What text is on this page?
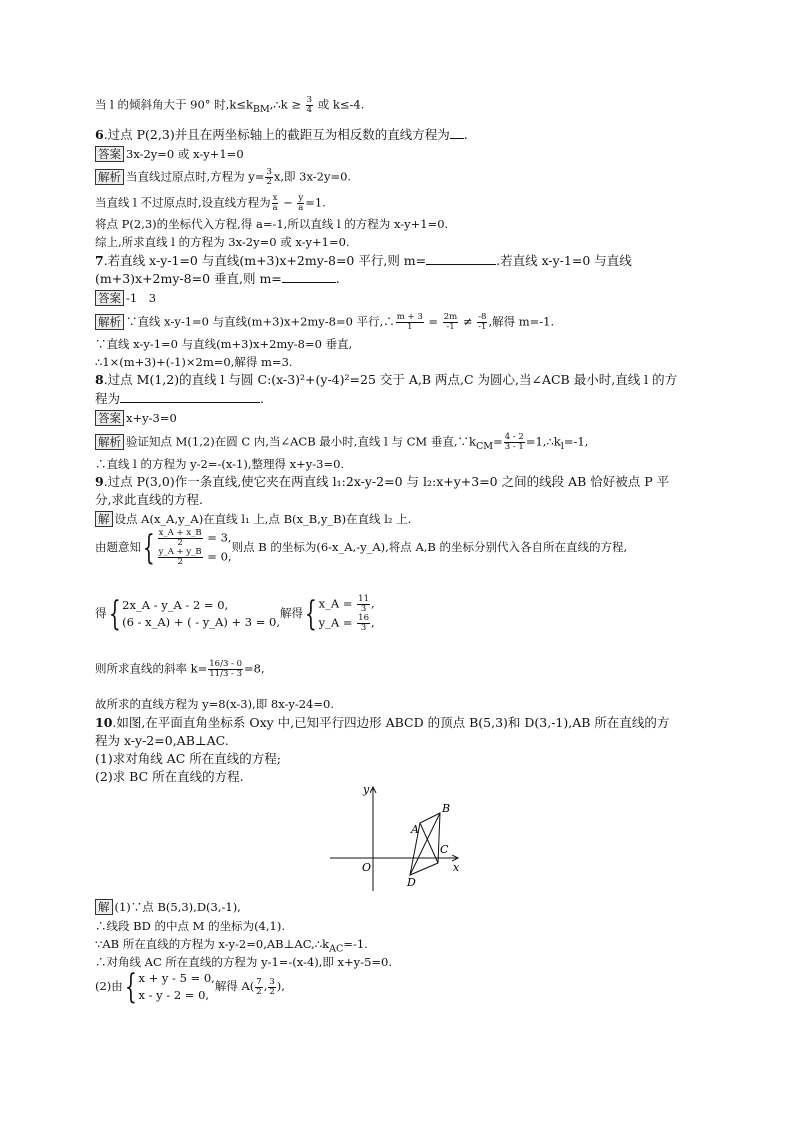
当 l 的倾斜角大于 90° 时$,k\le k_{BM},\therefore k \ge \frac{3}{4}$ 或 k≤-4.
6.过点 P(2,3)并且在两坐标轴上的截距互为相反数的直线方程为 .
答案 3x-2y=0 或 x-y+1=0
解析 当直线过原点时,方程为 $y= \frac{3}{2} x$,即 3x-2y=0.
当直线 l 不过原点时,设直线方程为 $\frac{x}{a} - \frac{y}{a} =1$.
将点 P(2,3)的坐标代入方程,得 a=-1,所以直线 l 的方程为 x-y+1=0.
综上,所求直线 l 的方程为 3x-2y=0 或 x-y+1=0.
7.若直线 x-y-1=0 与直线(m+3)x+2my-8=0 平行,则 m=	.若直线 x-y-1=0 与直线
(m+3)x+2my-8=0 垂直,则 m=	.
答案 -1　3
解析 ∵直线 x-y-1=0 与直线(m+3)x+2my-8=0 平行,∴ $\frac{m + 3}{1} = \frac{2m}{-1} \ne \frac{-8}{-1}$ ,解得 m=-1.
∵直线 x-y-1=0 与直线(m+3)x+2my-8=0 垂直,
∴1×(m+3)+(-1)×2m=0,解得 m=3.
8.过点 M(1,2)的直线 l 与圆 C:(x-3)²+(y-4)²=25 交于 A,B 两点,C 为圆心,当∠ACB 最小时,直线 l 的方
程为	.
答案 x+y-3=0
解析 验证知点 M(1,2)在圆 C 内,当∠ACB 最小时,直线 l 与 CM 垂直$,\because k_{CM}= \frac{4 - 2}{3 - 1}$ $=1,\therefore k_l=-1$,
∴直线 l 的方程为 y-2=-(x-1),整理得 x+y-3=0.
9.过点 P(3,0)作一条直线,使它夹在两直线 l₁:2x-y-2=0 与 l₂:x+y+3=0 之间的线段 AB 恰好被点 P 平
分,求此直线的方程.
解 设点 A(x_A,y_A)在直线 l₁ 上,点 B(x_B,y_B)在直线 l₂ 上.
由题意知{ $\frac{x\_A + x\_B}{2} = 3$,
$\frac{y\_A + y\_B}{2} = 0$,
则点 B 的坐标为(6-x_A,-y_A),将点 A,B 的坐标分别代入各自所在直线的方程,
得{ 2x_A - y_A - 2 = 0,
(6 - x_A) + ( - y_A) + 3 = 0,
解得{ x_A = $\frac{11}{3}$ ,
y_A = $\frac{16}{3}$ ,
则所求直线的斜率 $k= \frac{16/3 - 0}{11/3 - 3} =8$,
故所求的直线方程为 y=8(x-3),即 8x-y-24=0.
10.如图,在平面直角坐标系 Oxy 中,已知平行四边形 ABCD 的顶点 B(5,3)和 D(3,-1),AB 所在直线的方
程为 x-y-2=0,AB⊥AC.
(1)求对角线 AC 所在直线的方程;
(2)求 BC 所在直线的方程.
y
x
O
A
B
C
D
解 (1)∵点 B(5,3),D(3,-1),
∴线段 BD 的中点 M 的坐标为(4,1).
∵AB 所在直线的方程为 $x-y-2=0,AB\perp AC,\therefore k_{AC}=-1$.
∴对角线 AC 所在直线的方程为 y-1=-(x-4),即 x+y-5=0.
(2)由{ x + y - 5 = 0,
x - y - 2 = 0,
解得 $A( \frac{7}{2}$ , $\frac{3}{2}$ ),
